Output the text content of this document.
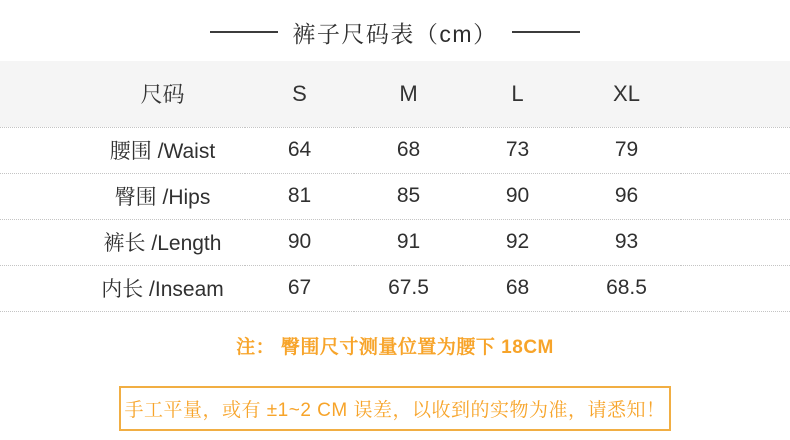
裤子尺码表（cm）
尺码	S	M	L	XL	
腰围 /Waist	64	68	73	79	
臀围 /Hips	81	85	90	96	
裤长 /Length	90	91	92	93	
内长 /Inseam	67	67.5	68	68.5	
注： 臀围尺寸测量位置为腰下 18CM
手工平量，或有 ±1~2 CM 误差，以收到的实物为准，请悉知！
